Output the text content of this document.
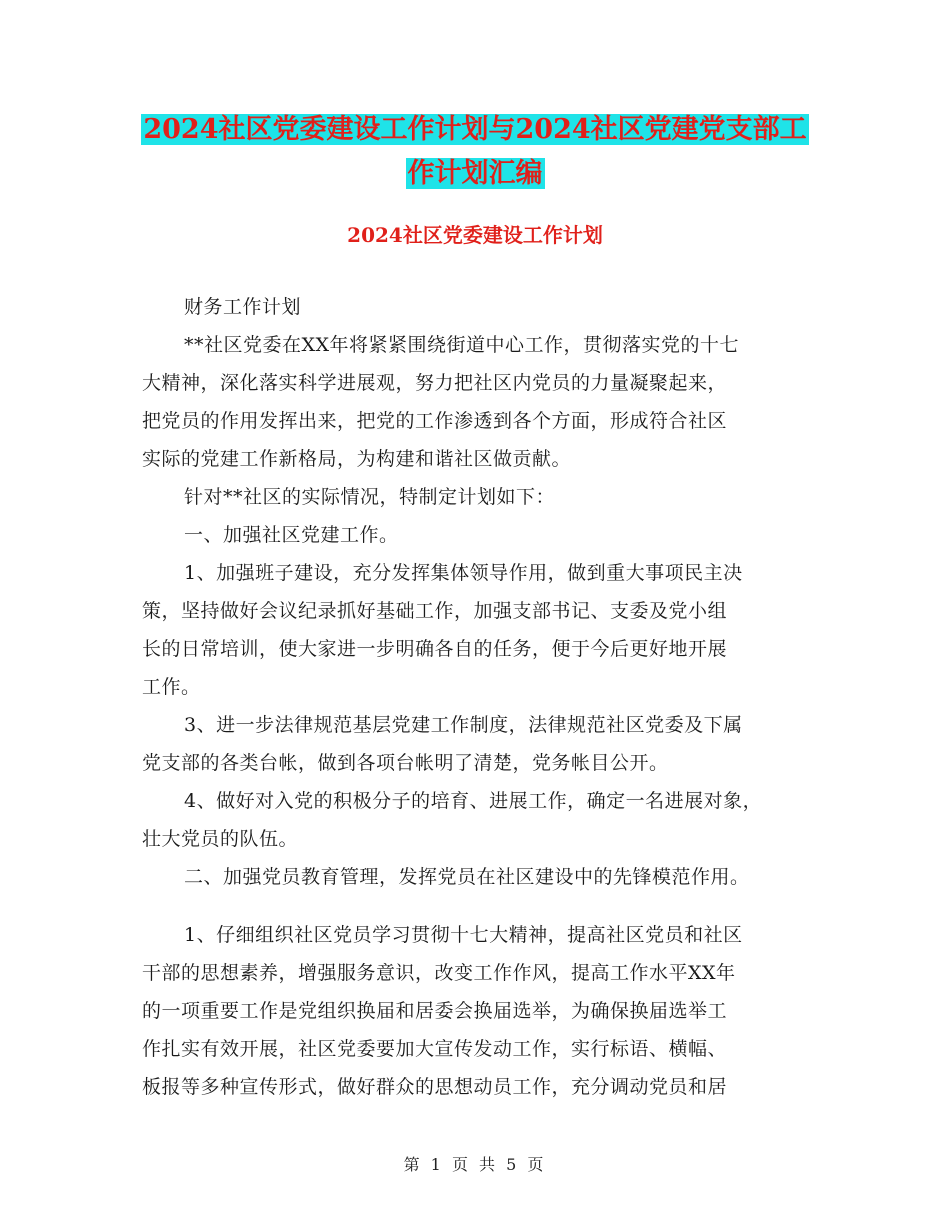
2024社区党委建设工作计划与2024社区党建党支部工
作计划汇编
2024社区党委建设工作计划

财务工作计划

**社区党委在XX年将紧紧围绕街道中心工作，贯彻落实党的十七
大精神，深化落实科学进展观，努力把社区内党员的力量凝聚起来，
把党员的作用发挥出来，把党的工作渗透到各个方面，形成符合社区
实际的党建工作新格局，为构建和谐社区做贡献。

针对**社区的实际情况，特制定计划如下：

一、加强社区党建工作。

1、加强班子建设，充分发挥集体领导作用，做到重大事项民主决
策，坚持做好会议纪录抓好基础工作，加强支部书记、支委及党小组
长的日常培训，使大家进一步明确各自的任务，便于今后更好地开展
工作。

3、进一步法律规范基层党建工作制度，法律规范社区党委及下属
党支部的各类台帐，做到各项台帐明了清楚，党务帐目公开。

4、做好对入党的积极分子的培育、进展工作，确定一名进展对象，
壮大党员的队伍。

二、加强党员教育管理，发挥党员在社区建设中的先锋模范作用。

1、仔细组织社区党员学习贯彻十七大精神，提高社区党员和社区
干部的思想素养，增强服务意识，改变工作作风，提高工作水平XX年
的一项重要工作是党组织换届和居委会换届选举，为确保换届选举工
作扎实有效开展，社区党委要加大宣传发动工作，实行标语、横幅、
板报等多种宣传形式，做好群众的思想动员工作，充分调动党员和居

第 1 页 共 5 页
